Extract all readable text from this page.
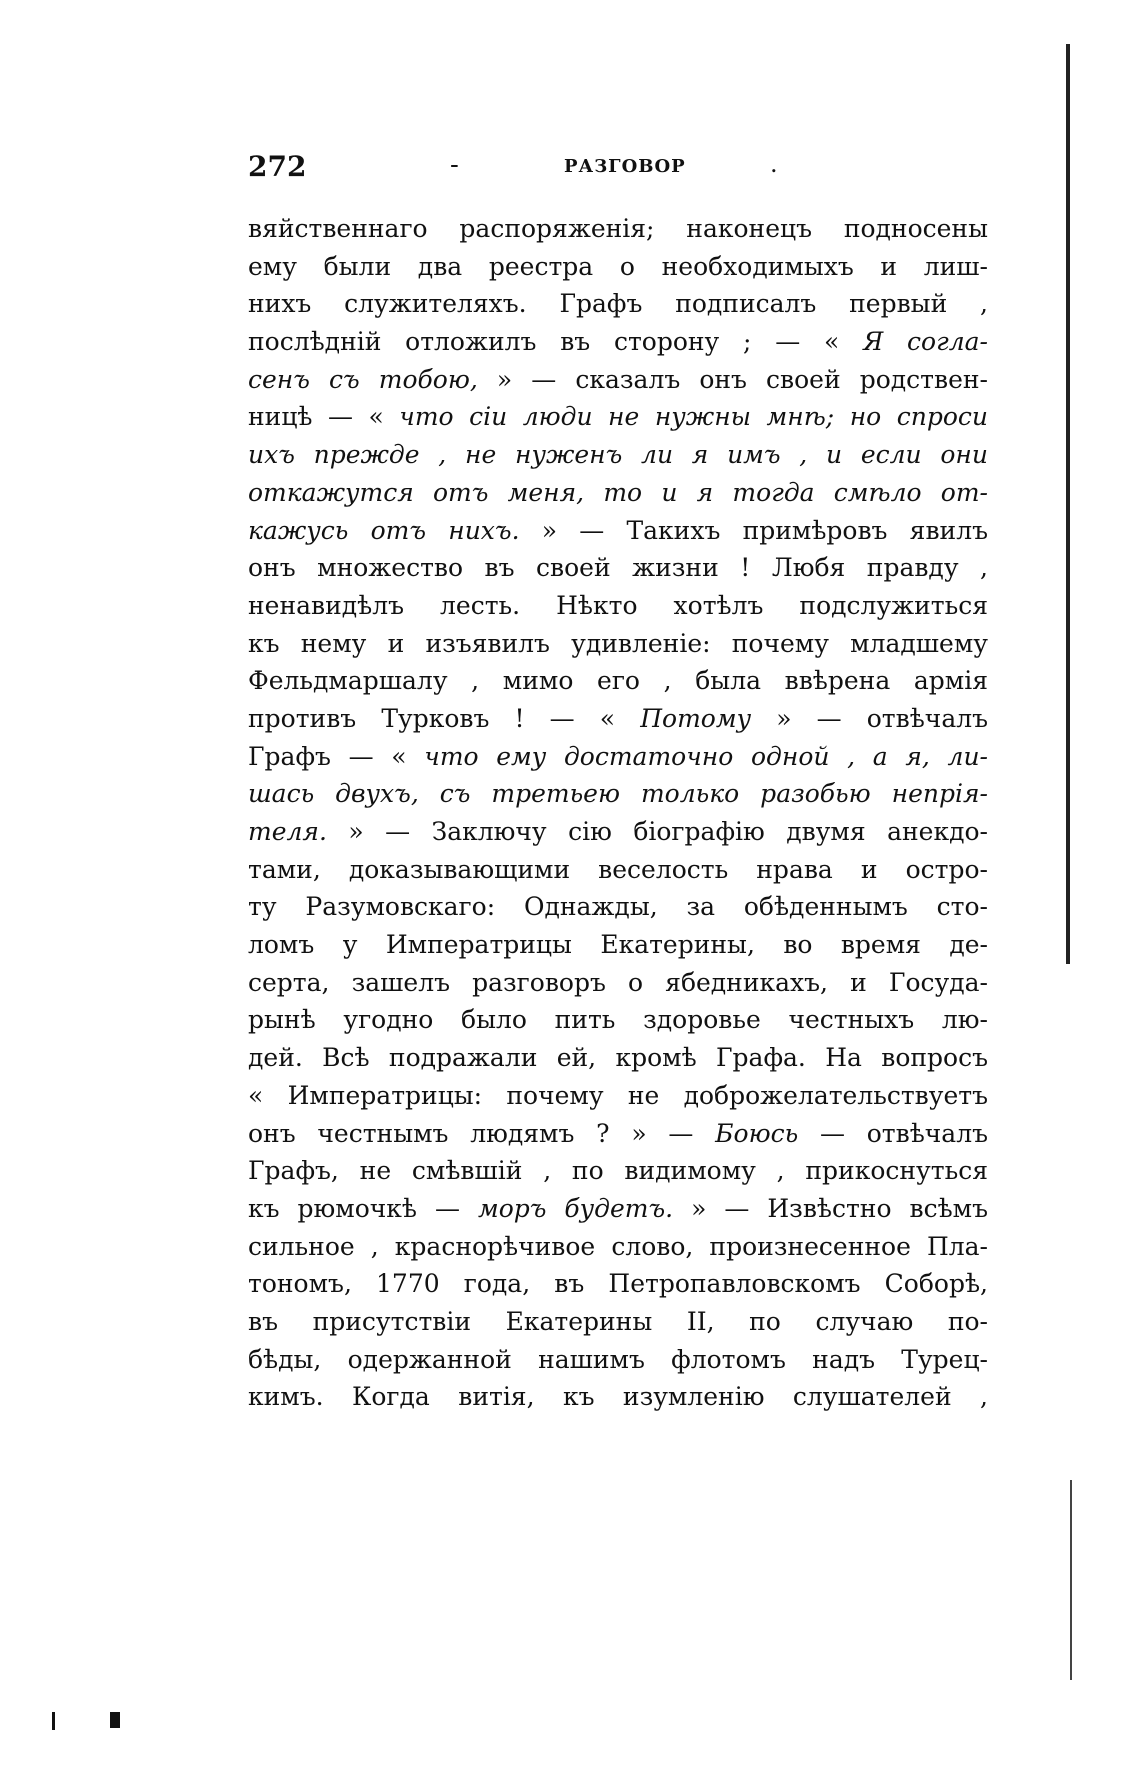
272	-	РАЗГОВОР	.
вяйственнаго распоряженія; наконецъ подносены
ему были два реестра о необходимыхъ и лиш-
нихъ служителяхъ. Графъ подписалъ первый ,
послѣдній отложилъ въ сторону ; — « Я согла-
сенъ съ тобою, » — сказалъ онъ своей родствен-
ницѣ — « что сіи люди не нужны мнѣ; но спроси
ихъ прежде , не нуженъ ли я имъ , и если они
откажутся отъ меня, то и я тогда смѣло от-
кажусь отъ нихъ. » — Такихъ примѣровъ явилъ
онъ множество въ своей жизни ! Любя правду ,
ненавидѣлъ лесть. Нѣкто хотѣлъ подслужиться
къ нему и изъявилъ удивленіе: почему младшему
Фельдмаршалу , мимо его , была ввѣрена армія
противъ Турковъ ! — « Потому » — отвѣчалъ
Графъ — « что ему достаточно одной , а я, ли-
шась двухъ, съ третьею только разобью непрія-
теля. » — Заключу сію біографію двумя анекдо-
тами, доказывающими веселость нрава и остро-
ту Разумовскаго: Однажды, за обѣденнымъ сто-
ломъ у Императрицы Екатерины, во время де-
серта, зашелъ разговоръ о ябедникахъ, и Госуда-
рынѣ угодно было пить здоровье честныхъ лю-
дей. Всѣ подражали ей, кромѣ Графа. На вопросъ
« Императрицы: почему не доброжелательствуетъ
онъ честнымъ людямъ ? » — Боюсь — отвѣчалъ
Графъ, не смѣвшій , по видимому , прикоснуться
къ рюмочкѣ — моръ будетъ. » — Извѣстно всѣмъ
сильное , краснорѣчивое слово, произнесенное Пла-
тономъ, 1770 года, въ Петропавловскомъ Соборѣ,
въ присутствіи Екатерины II, по случаю по-
бѣды, одержанной нашимъ флотомъ надъ Турец-
кимъ. Когда витія, къ изумленію слушателей ,
